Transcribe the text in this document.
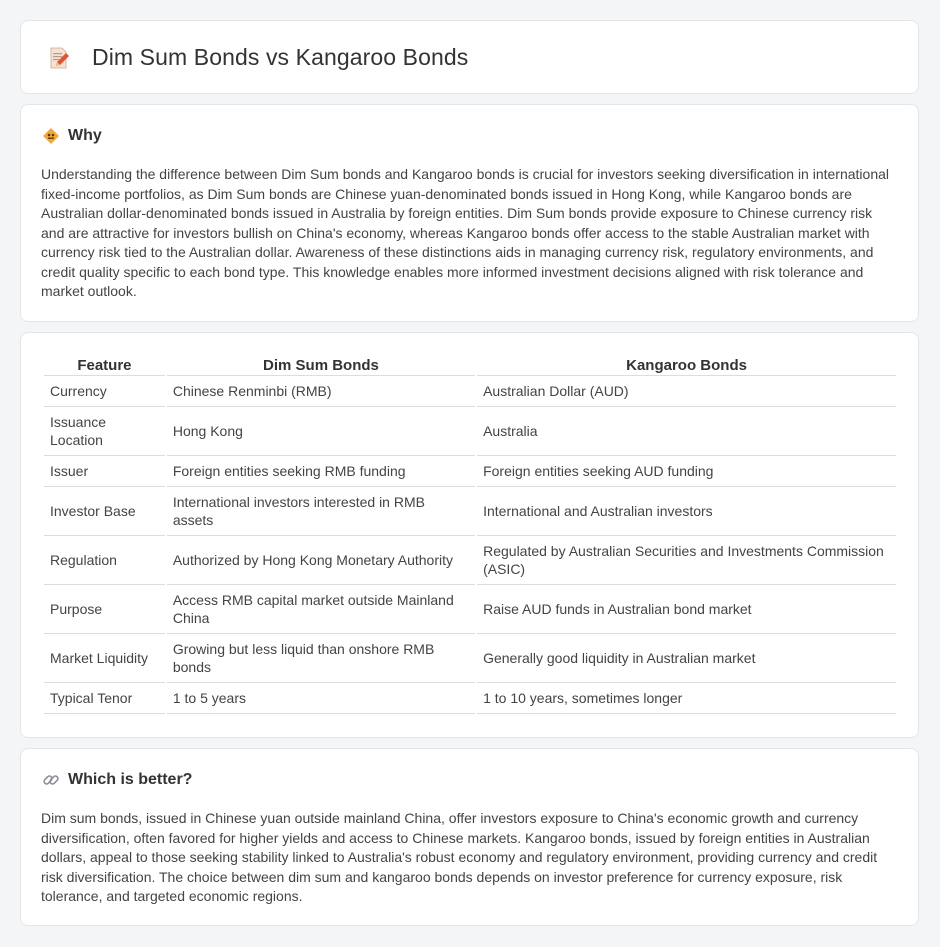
Dim Sum Bonds vs Kangaroo Bonds
Why

Understanding the difference between Dim Sum bonds and Kangaroo bonds is crucial for investors seeking diversification in international fixed-income portfolios, as Dim Sum bonds are Chinese yuan-denominated bonds issued in Hong Kong, while Kangaroo bonds are Australian dollar-denominated bonds issued in Australia by foreign entities. Dim Sum bonds provide exposure to Chinese currency risk and are attractive for investors bullish on China's economy, whereas Kangaroo bonds offer access to the stable Australian market with currency risk tied to the Australian dollar. Awareness of these distinctions aids in managing currency risk, regulatory environments, and credit quality specific to each bond type. This knowledge enables more informed investment decisions aligned with risk tolerance and market outlook.

Feature	Dim Sum Bonds	Kangaroo Bonds
Currency	Chinese Renminbi (RMB)	Australian Dollar (AUD)
Issuance Location	Hong Kong	Australia
Issuer	Foreign entities seeking RMB funding	Foreign entities seeking AUD funding
Investor Base	International investors interested in RMB assets	International and Australian investors
Regulation	Authorized by Hong Kong Monetary Authority	Regulated by Australian Securities and Investments Commission (ASIC)
Purpose	Access RMB capital market outside Mainland China	Raise AUD funds in Australian bond market
Market Liquidity	Growing but less liquid than onshore RMB bonds	Generally good liquidity in Australian market
Typical Tenor	1 to 5 years	1 to 10 years, sometimes longer
Which is better?

Dim sum bonds, issued in Chinese yuan outside mainland China, offer investors exposure to China's economic growth and currency diversification, often favored for higher yields and access to Chinese markets. Kangaroo bonds, issued by foreign entities in Australian dollars, appeal to those seeking stability linked to Australia's robust economy and regulatory environment, providing currency and credit risk diversification. The choice between dim sum and kangaroo bonds depends on investor preference for currency exposure, risk tolerance, and targeted economic regions.
